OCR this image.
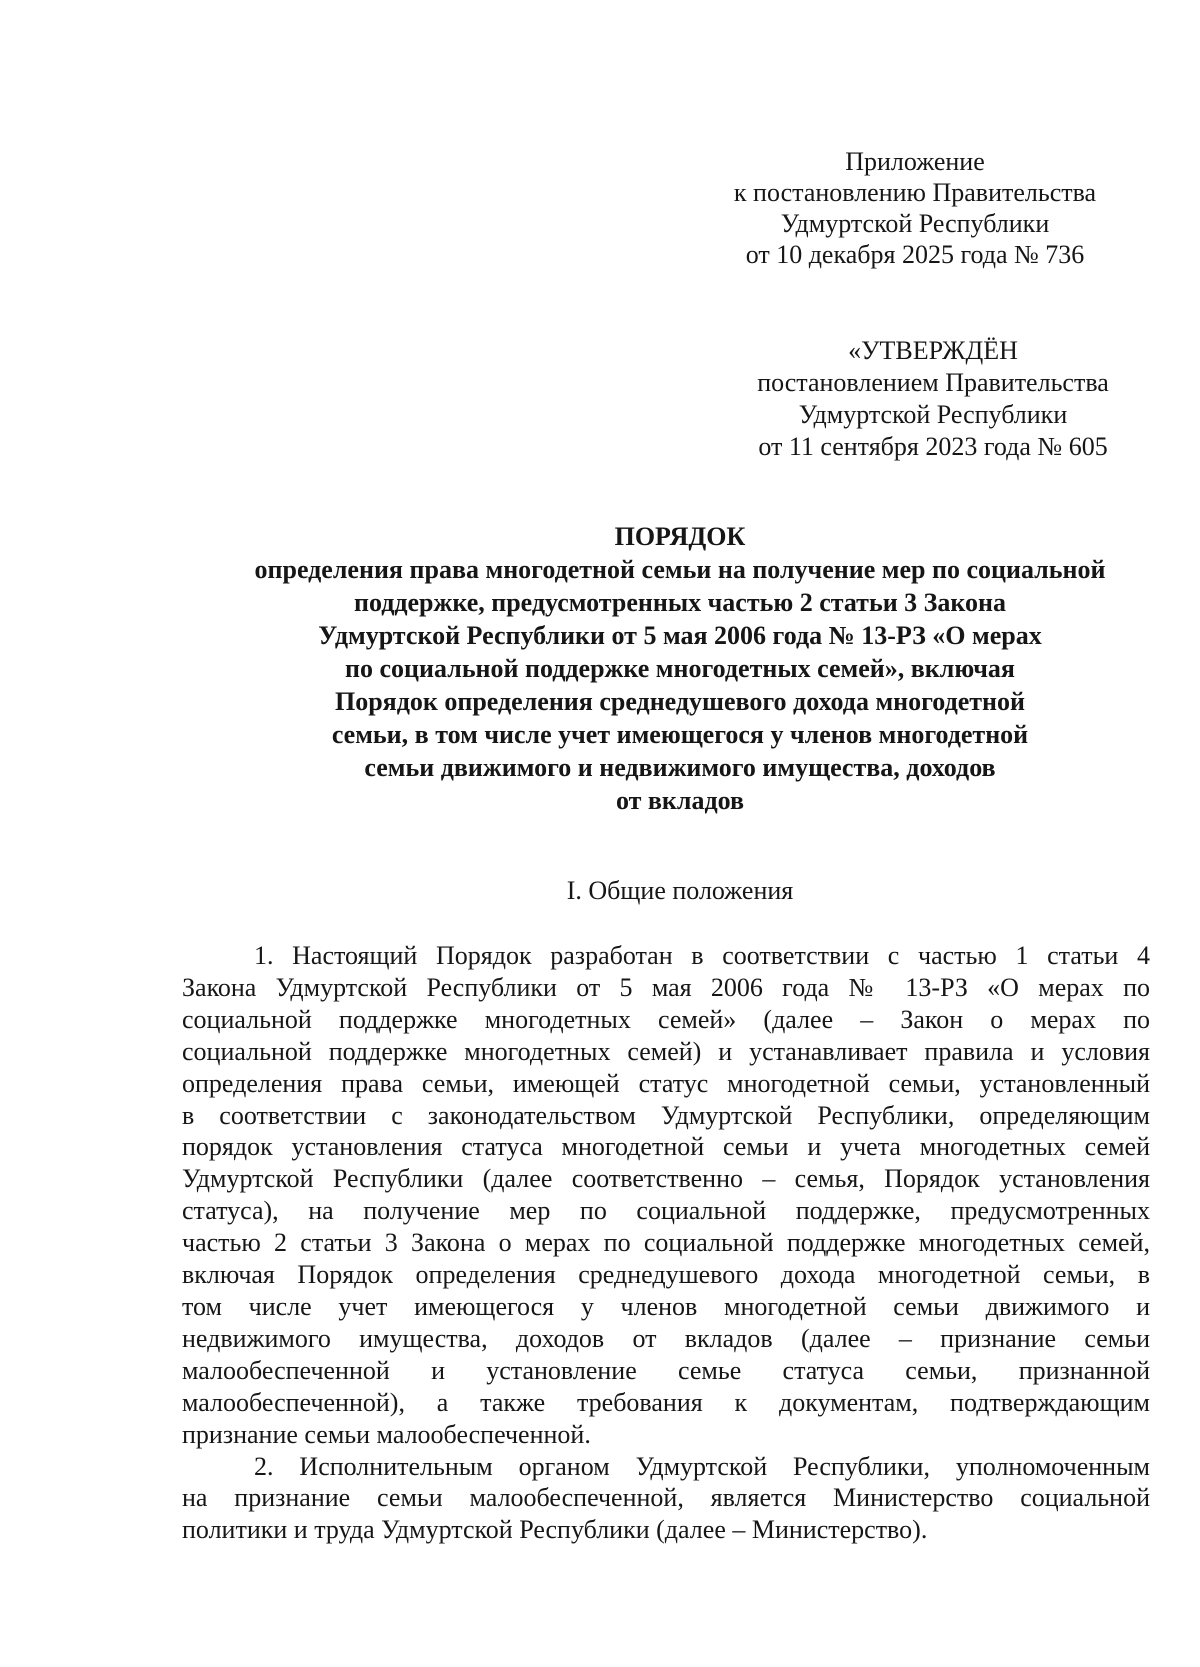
Приложение
к постановлению Правительства
Удмуртской Республики
от 10 декабря 2025 года № 736
«УТВЕРЖДЁН
постановлением Правительства
Удмуртской Республики
от 11 сентября 2023 года № 605
ПОРЯДОК
определения права многодетной семьи на получение мер по социальной
поддержке, предусмотренных частью 2 статьи 3 Закона
Удмуртской Республики от 5 мая 2006 года № 13-РЗ «О мерах
по социальной поддержке многодетных семей», включая
Порядок определения среднедушевого дохода многодетной
семьи, в том числе учет имеющегося у членов многодетной
семьи движимого и недвижимого имущества, доходов
от вкладов
I. Общие положения
1. Настоящий Порядок разработан в соответствии с частью 1 статьи 4
Закона Удмуртской Республики от 5 мая 2006 года № 13-РЗ «О мерах по
социальной поддержке многодетных семей» (далее – Закон о мерах по
социальной поддержке многодетных семей) и устанавливает правила и условия
определения права семьи, имеющей статус многодетной семьи, установленный
в соответствии с законодательством Удмуртской Республики, определяющим
порядок установления статуса многодетной семьи и учета многодетных семей
Удмуртской Республики (далее соответственно – семья, Порядок установления
статуса), на получение мер по социальной поддержке, предусмотренных
частью 2 статьи 3 Закона о мерах по социальной поддержке многодетных семей,
включая Порядок определения среднедушевого дохода многодетной семьи, в
том числе учет имеющегося у членов многодетной семьи движимого и
недвижимого имущества, доходов от вкладов (далее – признание семьи
малообеспеченной и установление семье статуса семьи, признанной
малообеспеченной), а также требования к документам, подтверждающим
признание семьи малообеспеченной.
2. Исполнительным органом Удмуртской Республики, уполномоченным
на признание семьи малообеспеченной, является Министерство социальной
политики и труда Удмуртской Республики (далее – Министерство).
